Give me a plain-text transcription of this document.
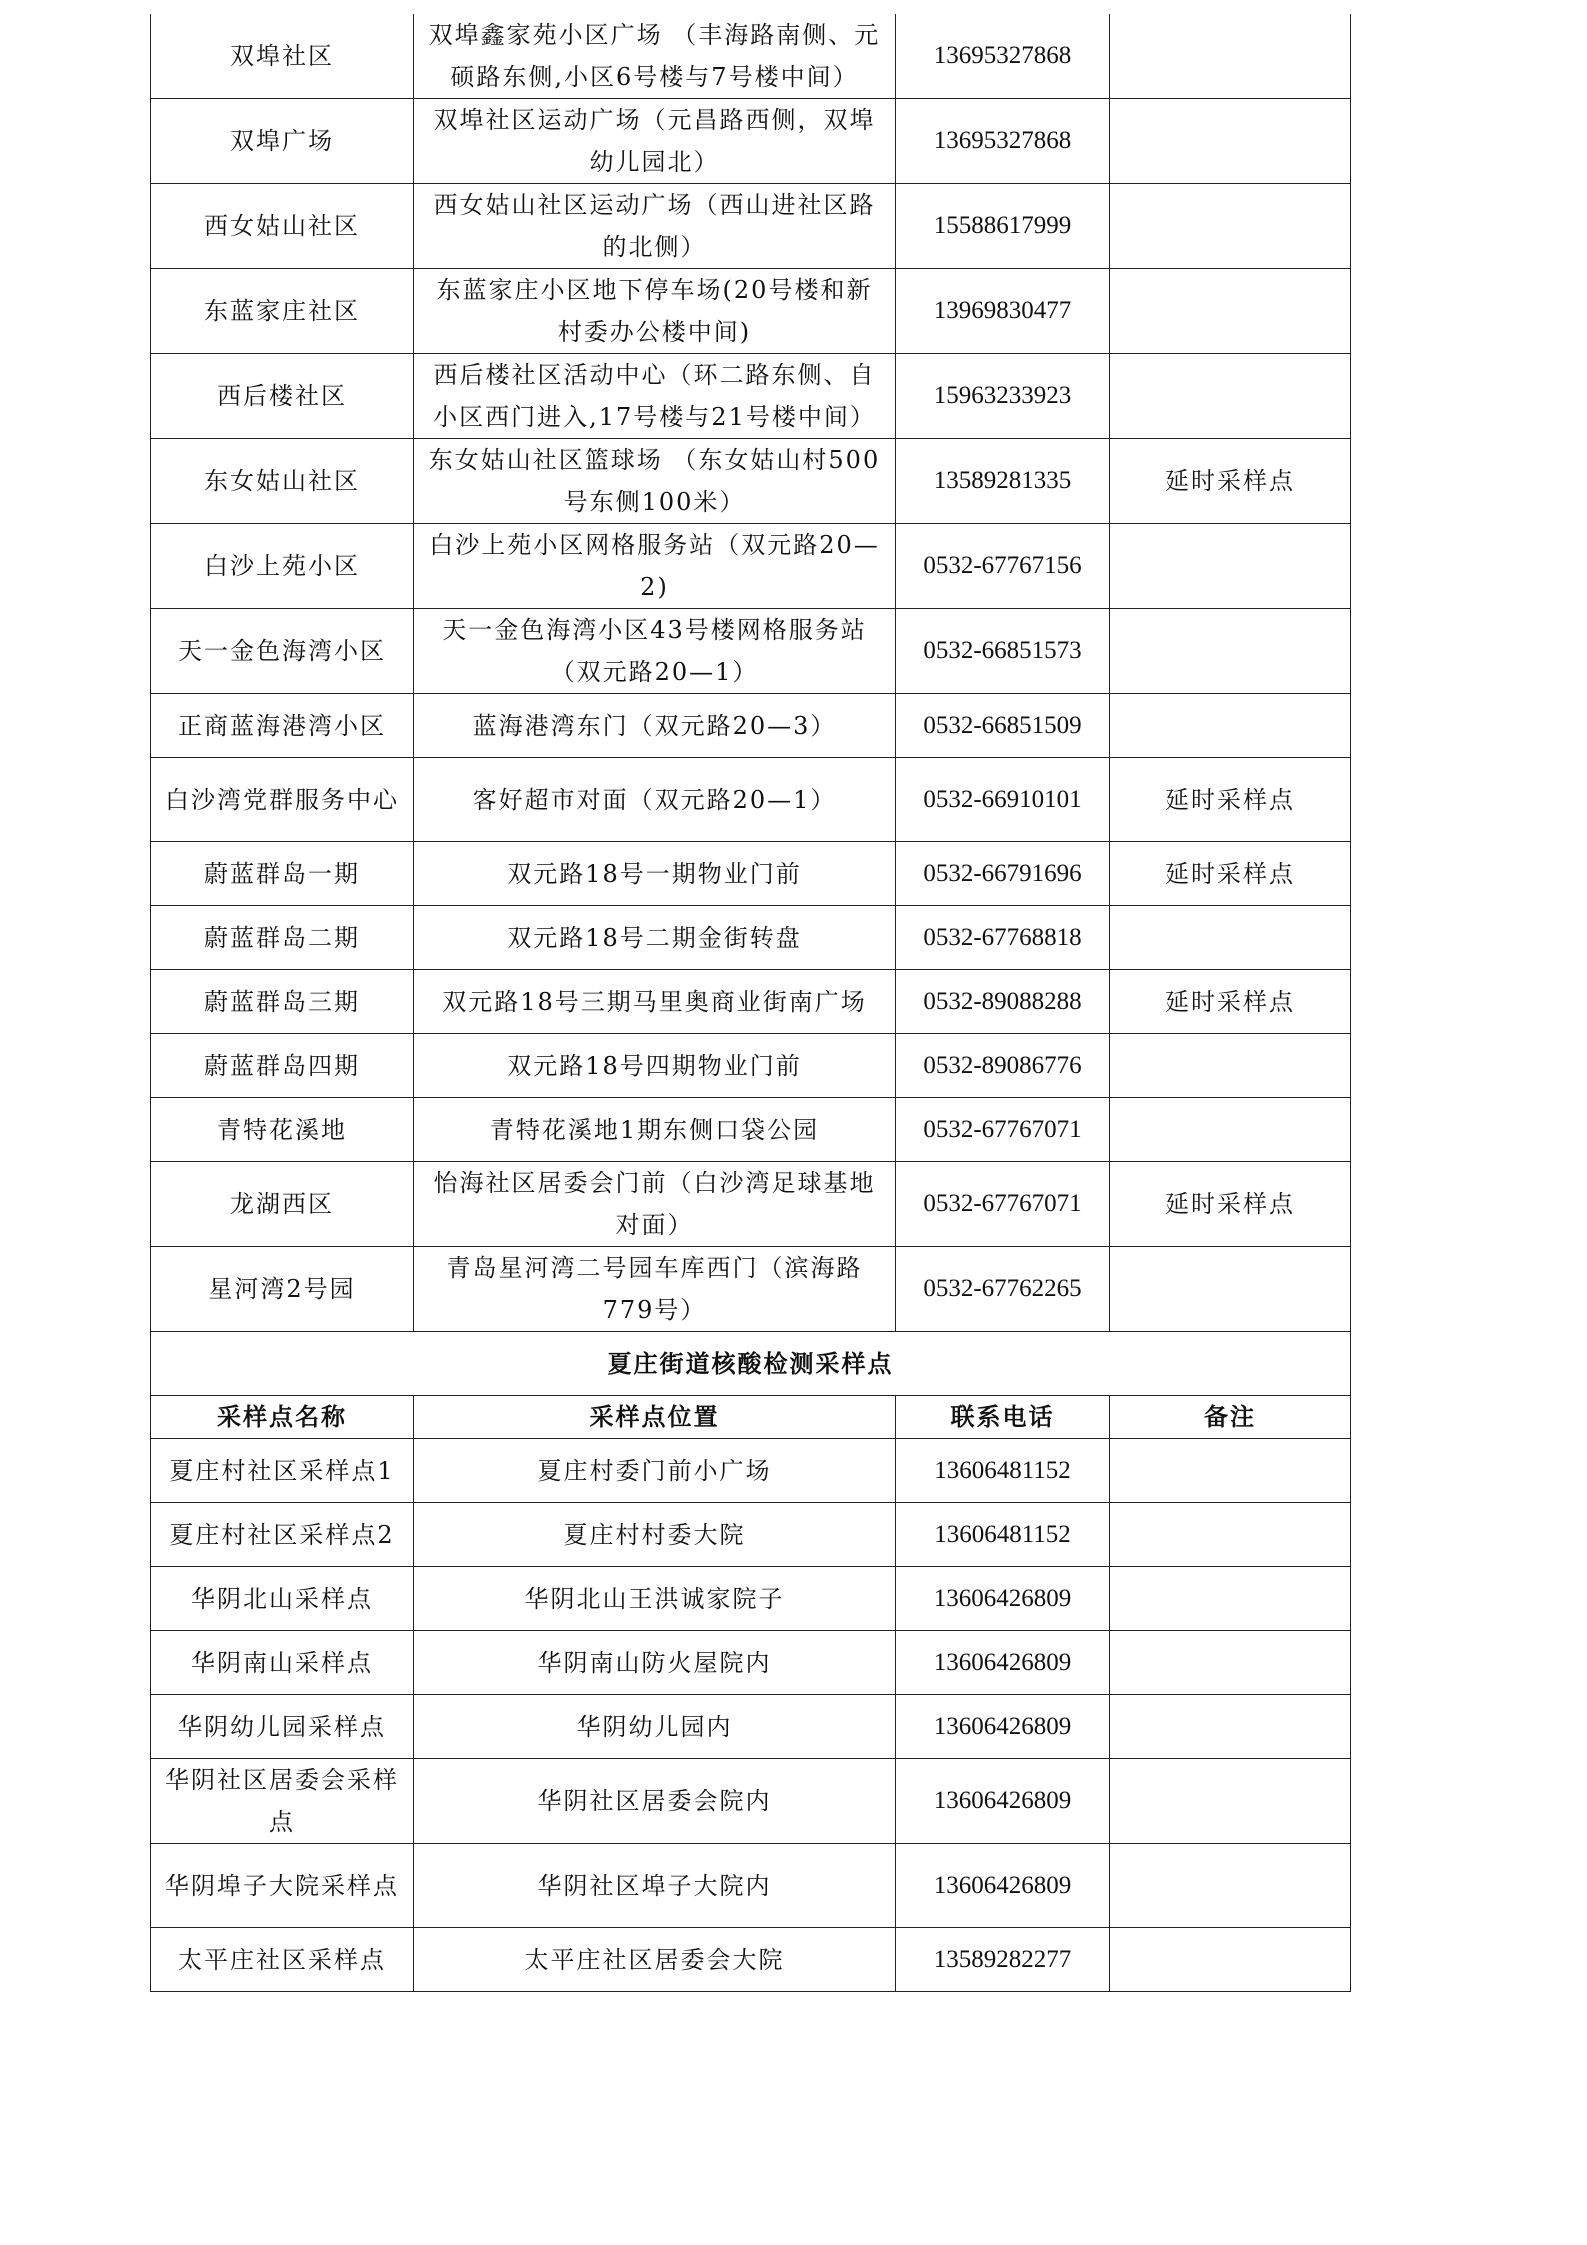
双埠社区	双埠鑫家苑小区广场 （丰海路南侧、元硕路东侧,小区6号楼与7号楼中间）	13695327868	
双埠广场	双埠社区运动广场（元昌路西侧，双埠幼儿园北）	13695327868	
西女姑山社区	西女姑山社区运动广场（西山进社区路的北侧）	15588617999	
东蓝家庄社区	东蓝家庄小区地下停车场(20号楼和新村委办公楼中间)	13969830477	
西后楼社区	西后楼社区活动中心（环二路东侧、自小区西门进入,17号楼与21号楼中间）	15963233923	
东女姑山社区	东女姑山社区篮球场 （东女姑山村500号东侧100米）	13589281335	延时采样点
白沙上苑小区	白沙上苑小区网格服务站（双元路20—2)	0532-67767156	
天一金色海湾小区	天一金色海湾小区43号楼网格服务站（双元路20—1）	0532-66851573	
正商蓝海港湾小区	蓝海港湾东门（双元路20—3）	0532-66851509	
白沙湾党群服务中心	客好超市对面（双元路20—1）	0532-66910101	延时采样点
蔚蓝群岛一期	双元路18号一期物业门前	0532-66791696	延时采样点
蔚蓝群岛二期	双元路18号二期金街转盘	0532-67768818	
蔚蓝群岛三期	双元路18号三期马里奥商业街南广场	0532-89088288	延时采样点
蔚蓝群岛四期	双元路18号四期物业门前	0532-89086776	
青特花溪地	青特花溪地1期东侧口袋公园	0532-67767071	
龙湖西区	怡海社区居委会门前（白沙湾足球基地对面）	0532-67767071	延时采样点
星河湾2号园	青岛星河湾二号园车库西门（滨海路779号）	0532-67762265	
夏庄街道核酸检测采样点			
采样点名称	采样点位置	联系电话	备注
夏庄村社区采样点1	夏庄村委门前小广场	13606481152	
夏庄村社区采样点2	夏庄村村委大院	13606481152	
华阴北山采样点	华阴北山王洪诚家院子	13606426809	
华阴南山采样点	华阴南山防火屋院内	13606426809	
华阴幼儿园采样点	华阴幼儿园内	13606426809	
华阴社区居委会采样点	华阴社区居委会院内	13606426809	
华阴埠子大院采样点	华阴社区埠子大院内	13606426809	
太平庄社区采样点	太平庄社区居委会大院	13589282277	
